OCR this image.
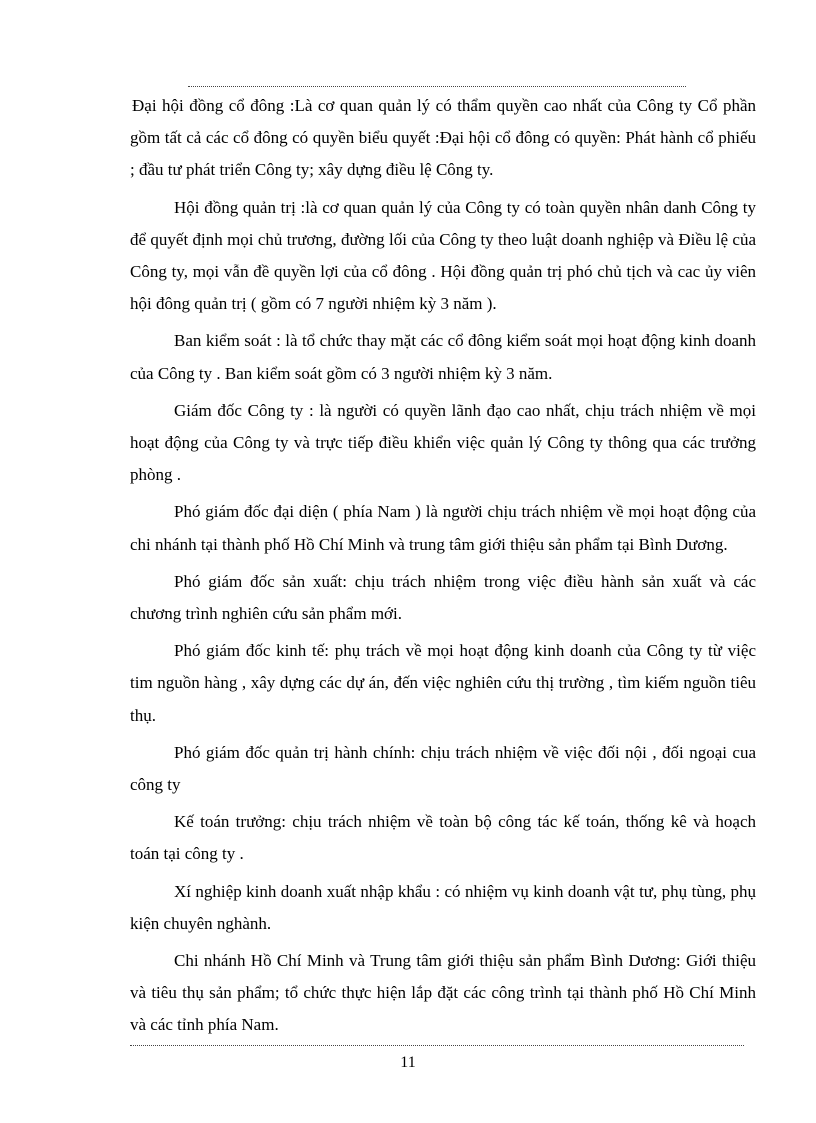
Đại hội đồng cổ đông :Là cơ quan quản lý có thẩm quyền cao nhất của Công ty Cổ phần gồm tất cả các cổ đông có quyền biểu quyết :Đại hội cổ đông có quyền: Phát hành cổ phiếu ; đầu tư phát triển Công ty; xây dựng điều lệ Công ty.

Hội đồng quản trị :là cơ quan quản lý của Công ty có toàn quyền nhân danh Công ty để quyết định mọi chủ trương, đường lối của Công ty theo luật doanh nghiệp và Điều lệ của Công ty, mọi vẫn đề quyền lợi của cổ đông . Hội đồng quản trị phó chủ tịch và cac ủy viên hội đông quản trị ( gồm có 7 người nhiệm kỳ 3 năm ).

Ban kiểm soát : là tổ chức thay mặt các cổ đông kiểm soát mọi hoạt động kinh doanh của Công ty . Ban kiểm soát gồm có 3 người nhiệm kỳ 3 năm.

Giám đốc Công ty : là người có quyền lãnh đạo cao nhất, chịu trách nhiệm về mọi hoạt động của Công ty và trực tiếp điều khiển việc quản lý Công ty thông qua các trưởng phòng .

Phó giám đốc đại diện ( phía Nam ) là người chịu trách nhiệm về mọi hoạt động của chi nhánh tại thành phố Hồ Chí Minh và trung tâm giới thiệu sản phẩm tại Bình Dương.

Phó giám đốc sản xuất: chịu trách nhiệm trong việc điều hành sản xuất và các chương trình nghiên cứu sản phẩm mới.

Phó giám đốc kinh tế: phụ trách về mọi hoạt động kinh doanh của Công ty từ việc tim nguồn hàng , xây dựng các dự án, đến việc nghiên cứu thị trường , tìm kiếm nguồn tiêu thụ.

Phó giám đốc quản trị hành chính: chịu trách nhiệm về việc đối nội , đối ngoại cua công ty

Kế toán trưởng: chịu trách nhiệm về toàn bộ công tác kế toán, thống kê và hoạch toán tại công ty .

Xí nghiệp kinh doanh xuất nhập khẩu : có nhiệm vụ kinh doanh vật tư, phụ tùng, phụ kiện chuyên nghành.

Chi nhánh Hồ Chí Minh và Trung tâm giới thiệu sản phẩm Bình Dương: Giới thiệu và tiêu thụ sản phẩm; tổ chức thực hiện lắp đặt các công trình tại thành phố Hồ Chí Minh và các tỉnh phía Nam.

11
